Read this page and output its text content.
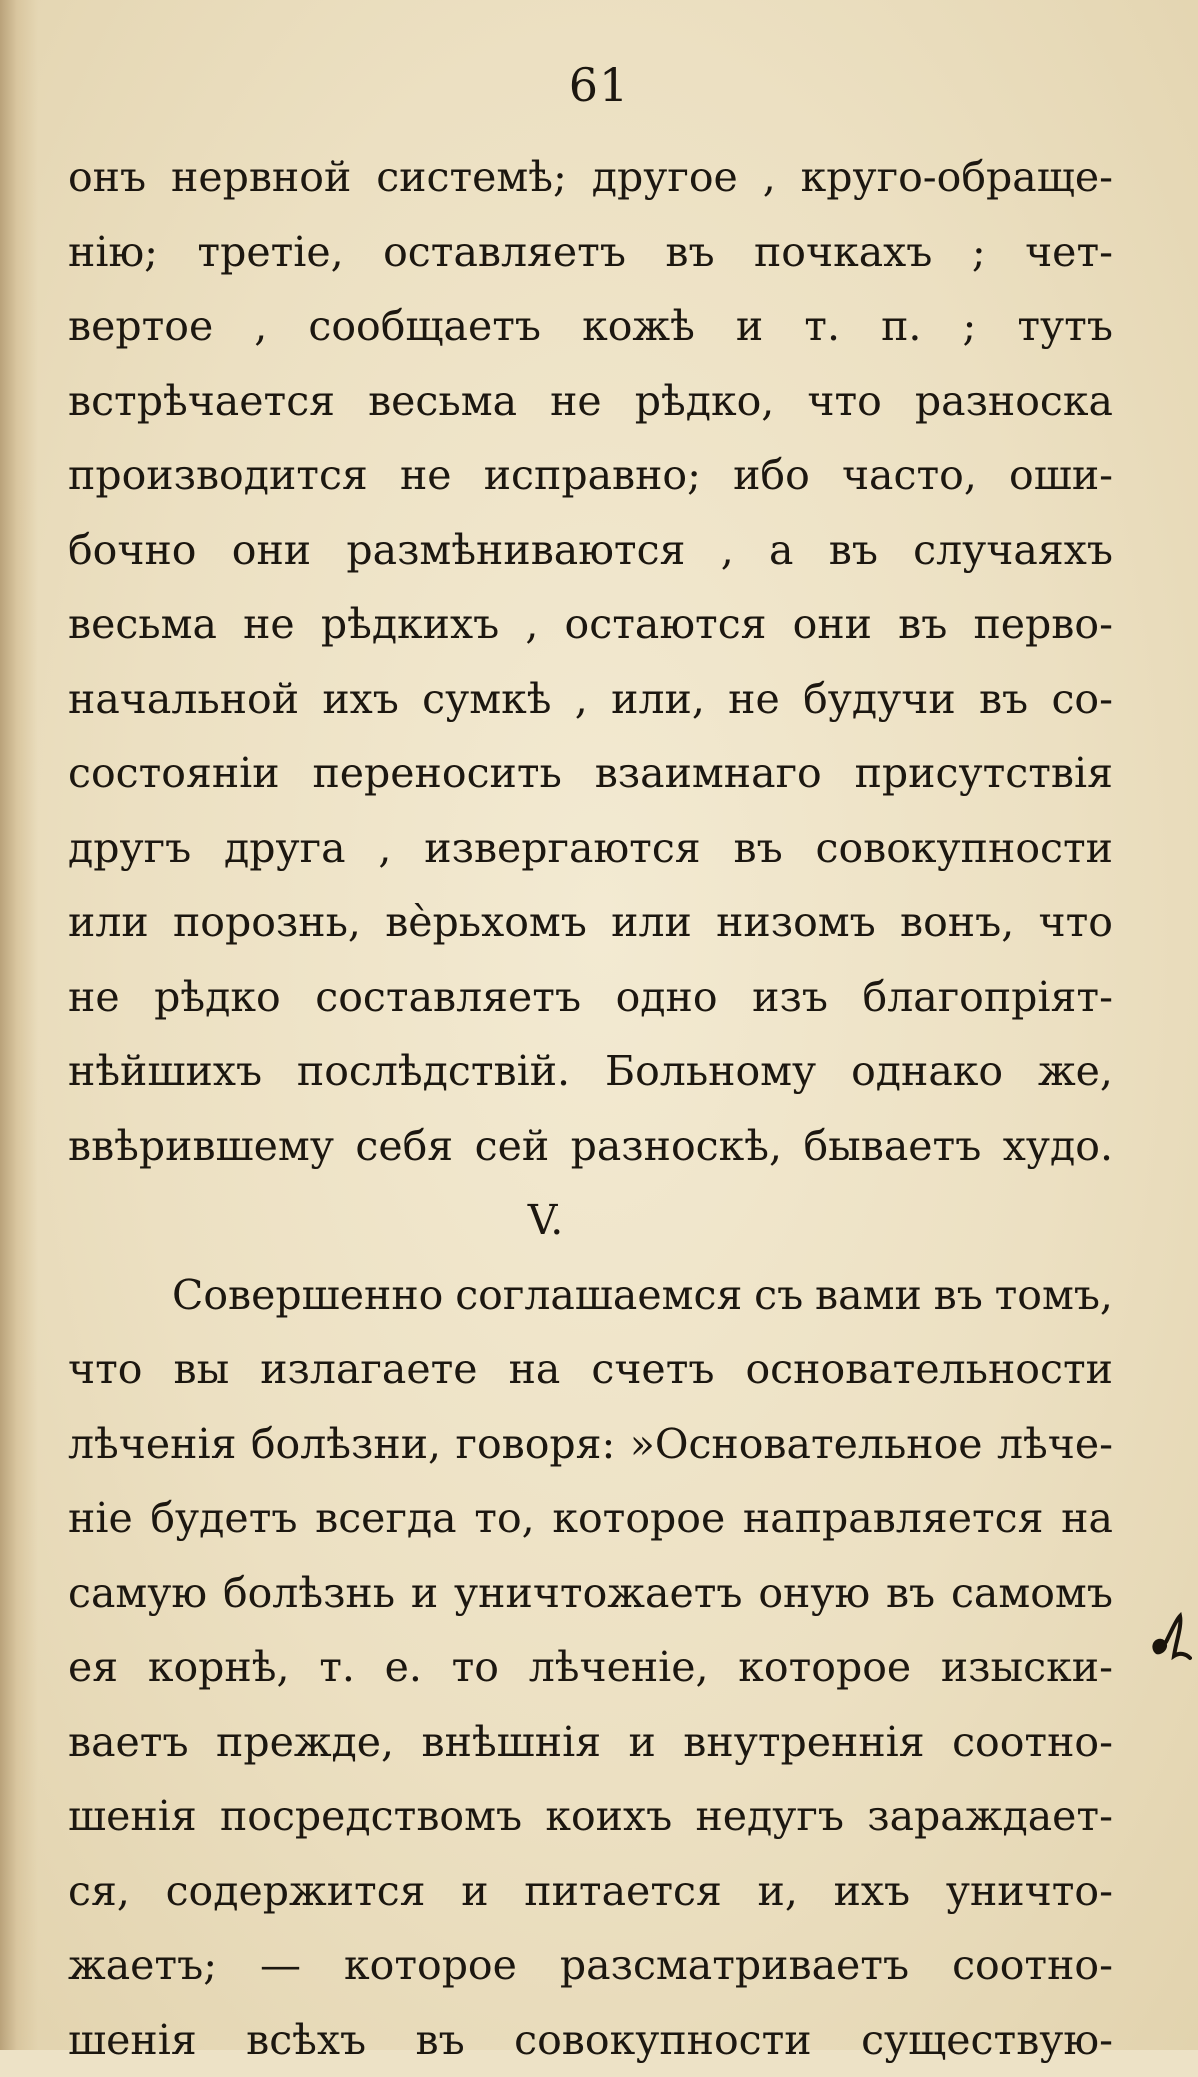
61
онъ нервной системѣ; другое , круго-обраще-
нію; третіе, оставляетъ въ почкахъ ; чет-
вертое , сообщаетъ кожѣ и т. п. ; тутъ
встрѣчается весьма не рѣдко, что разноска
производится не исправно; ибо часто, оши-
бочно они размѣниваются , а въ случаяхъ
весьма не рѣдкихъ , остаются они въ перво-
начальной ихъ сумкѣ , или, не будучи въ со-
состояніи переносить взаимнаго присутствія
другъ друга , извергаются въ совокупности
или порознь, вѐрьхомъ или низомъ вонъ, что
не рѣдко составляетъ одно изъ благопріят-
нѣйшихъ послѣдствій. Больному однако же,
ввѣрившему себя сей разноскѣ, бываетъ худо.
V.
Совершенно соглашаемся съ вами въ томъ,
что вы излагаете на счетъ основательности
лѣченія болѣзни, говоря: »Основательное лѣче-
ніе будетъ всегда то, которое направляется на
самую болѣзнь и уничтожаетъ оную въ самомъ
ея корнѣ, т. е. то лѣченіе, которое изыски-
ваетъ прежде, внѣшнія и внутреннія соотно-
шенія посредствомъ коихъ недугъ зараждает-
ся, содержится и питается и, ихъ уничто-
жаетъ; — которое разсматриваетъ соотно-
шенія всѣхъ въ совокупности существую-
